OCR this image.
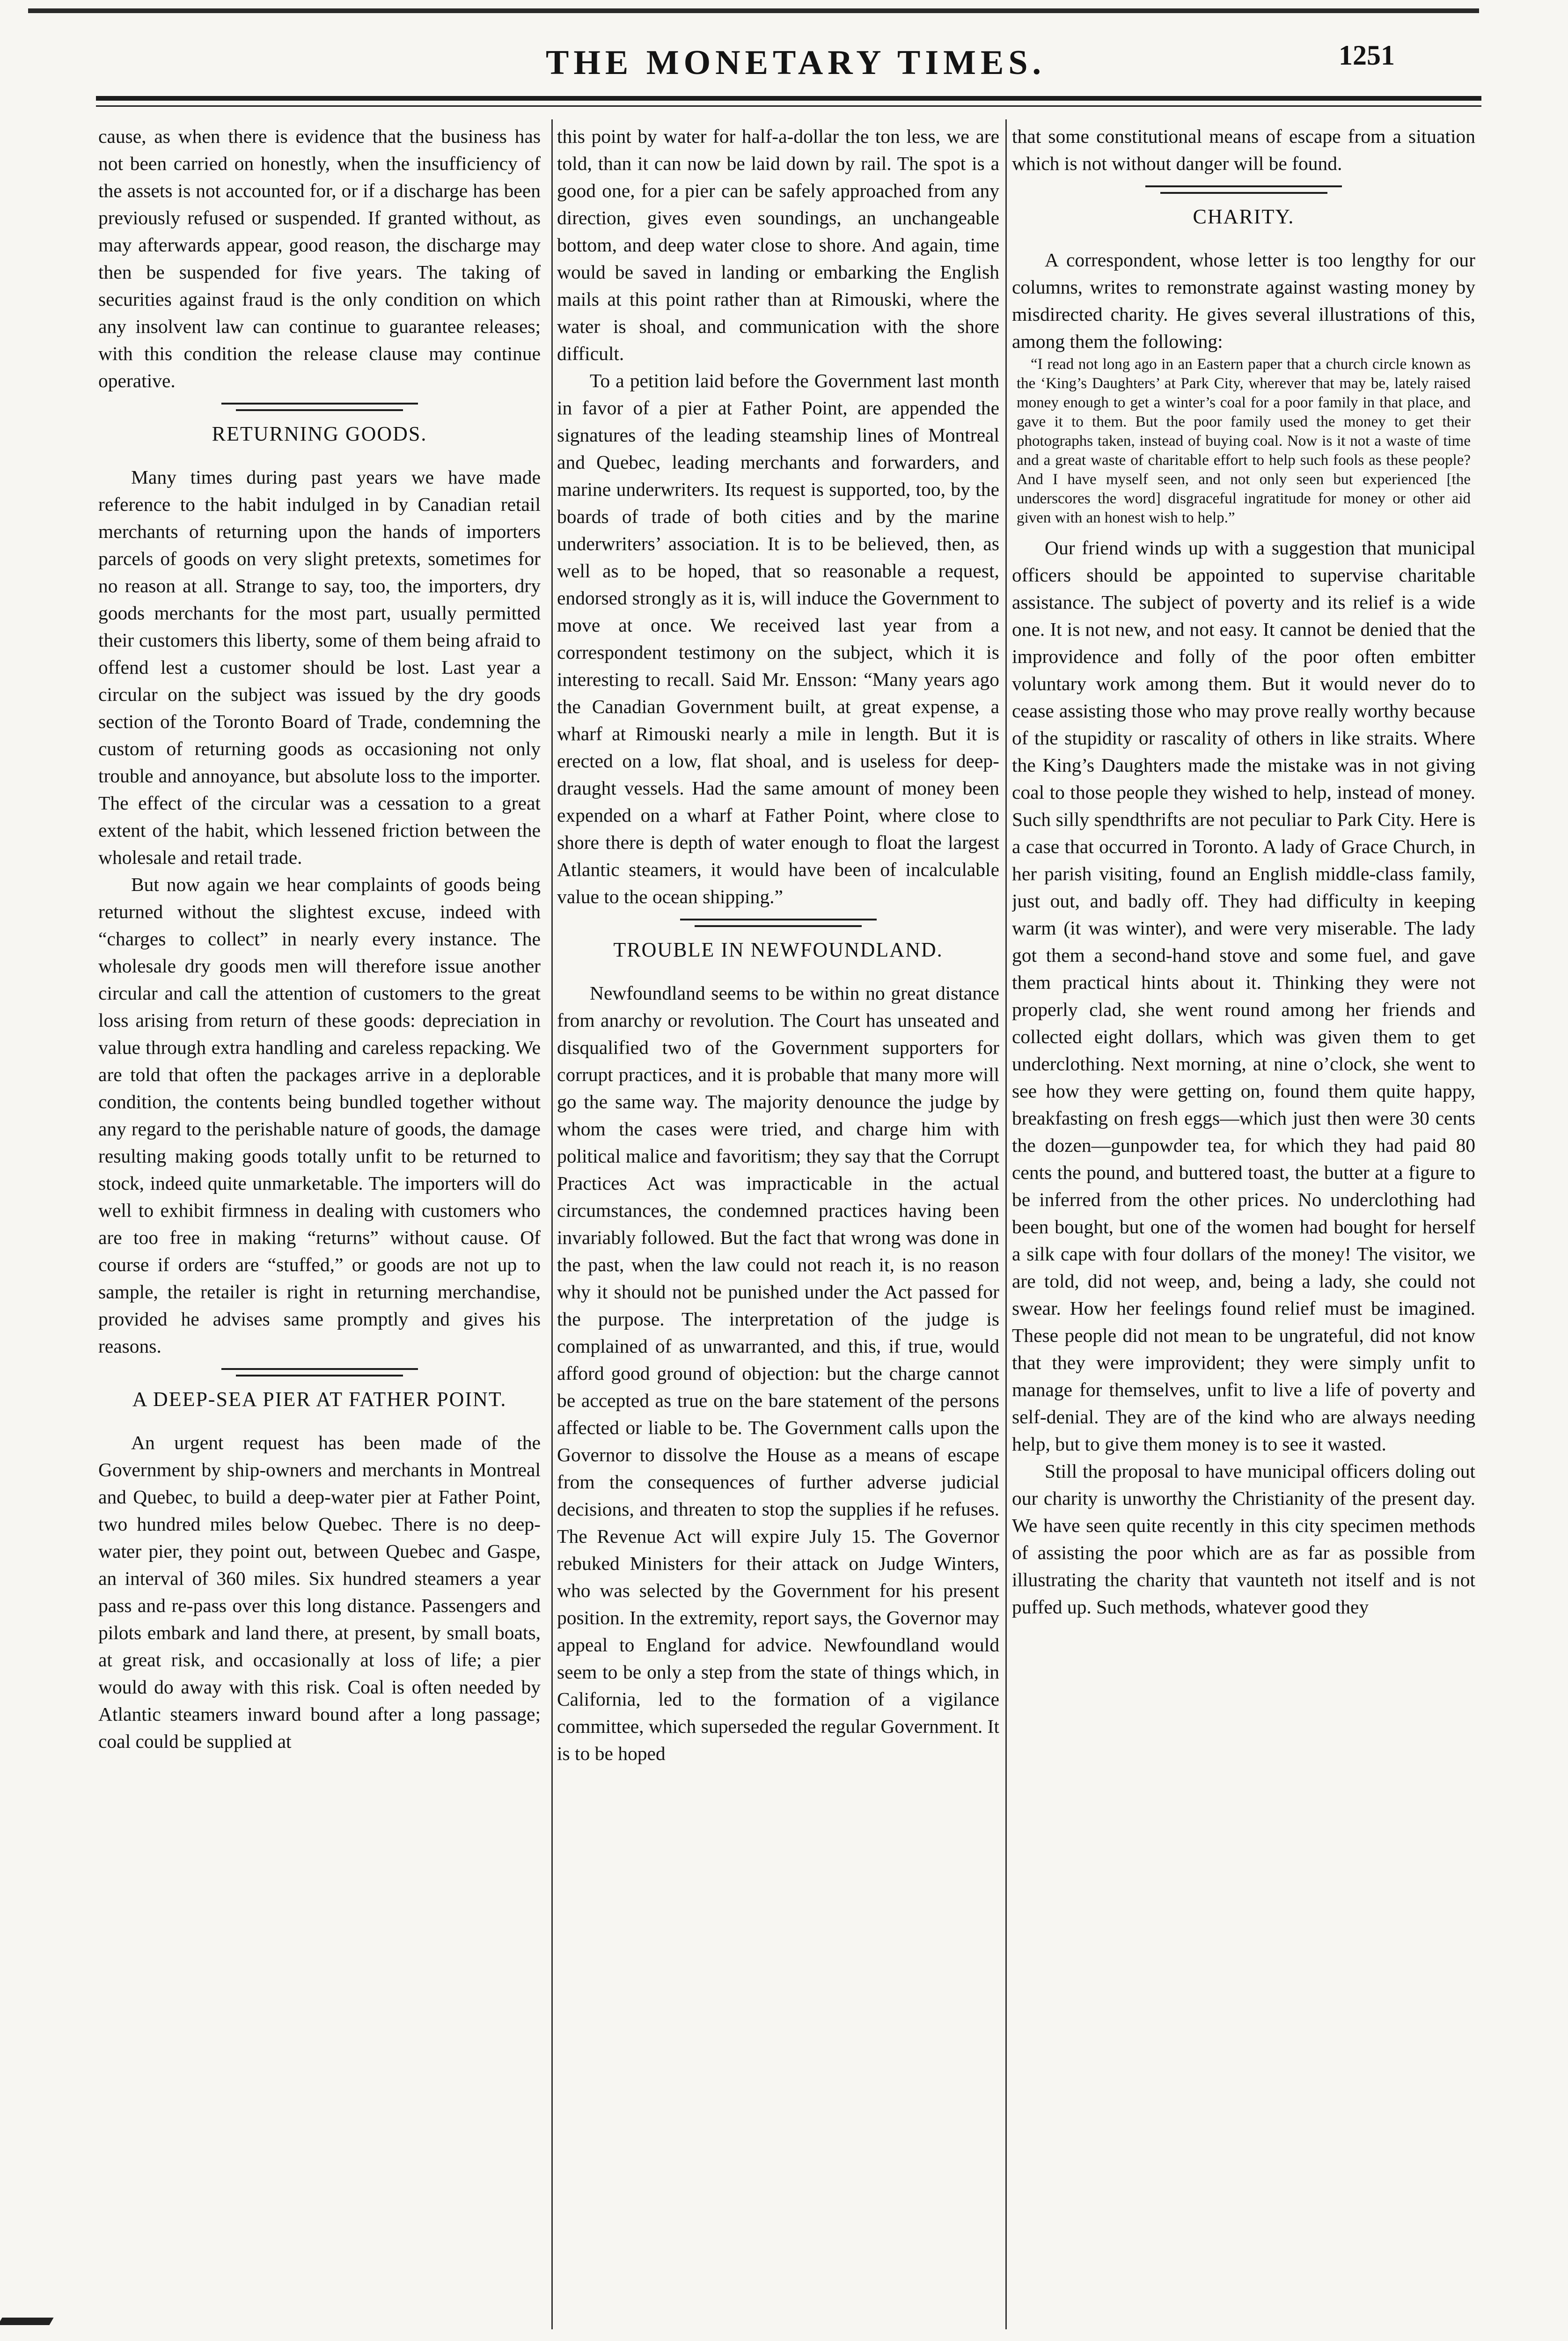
THE MONETARY TIMES.	1251

cause, as when there is evidence that the business has not been carried on honestly, when the insufficiency of the assets is not accounted for, or if a discharge has been previously refused or suspended. If granted without, as may afterwards appear, good reason, the discharge may then be suspended for five years. The taking of securities against fraud is the only condition on which any insolvent law can continue to guarantee releases; with this condition the release clause may continue operative.

RETURNING GOODS.

Many times during past years we have made reference to the habit indulged in by Canadian retail merchants of returning upon the hands of importers parcels of goods on very slight pretexts, sometimes for no reason at all. Strange to say, too, the importers, dry goods merchants for the most part, usually permitted their customers this liberty, some of them being afraid to offend lest a customer should be lost. Last year a circular on the subject was issued by the dry goods section of the Toronto Board of Trade, condemning the custom of returning goods as occasioning not only trouble and annoyance, but absolute loss to the importer. The effect of the circular was a cessation to a great extent of the habit, which lessened friction between the wholesale and retail trade.

But now again we hear complaints of goods being returned without the slightest excuse, indeed with “charges to collect” in nearly every instance. The wholesale dry goods men will therefore issue another circular and call the attention of customers to the great loss arising from return of these goods: depreciation in value through extra handling and careless repacking. We are told that often the packages arrive in a deplorable condition, the contents being bundled together without any regard to the perishable nature of goods, the damage resulting making goods totally unfit to be returned to stock, indeed quite unmarketable. The importers will do well to exhibit firmness in dealing with customers who are too free in making “returns” without cause. Of course if orders are “stuffed,” or goods are not up to sample, the retailer is right in returning merchandise, provided he advises same promptly and gives his reasons.

A DEEP-SEA PIER AT FATHER POINT.

An urgent request has been made of the Government by ship-owners and merchants in Montreal and Quebec, to build a deep-water pier at Father Point, two hundred miles below Quebec. There is no deep-water pier, they point out, between Quebec and Gaspe, an interval of 360 miles. Six hundred steamers a year pass and re-pass over this long distance. Passengers and pilots embark and land there, at present, by small boats, at great risk, and occasionally at loss of life; a pier would do away with this risk. Coal is often needed by Atlantic steamers inward bound after a long passage; coal could be supplied at

this point by water for half-a-dollar the ton less, we are told, than it can now be laid down by rail. The spot is a good one, for a pier can be safely approached from any direction, gives even soundings, an unchangeable bottom, and deep water close to shore. And again, time would be saved in landing or embarking the English mails at this point rather than at Rimouski, where the water is shoal, and communication with the shore difficult.

To a petition laid before the Government last month in favor of a pier at Father Point, are appended the signatures of the leading steamship lines of Montreal and Quebec, leading merchants and forwarders, and marine underwriters. Its request is supported, too, by the boards of trade of both cities and by the marine underwriters’ association. It is to be believed, then, as well as to be hoped, that so reasonable a request, endorsed strongly as it is, will induce the Government to move at once. We received last year from a correspondent testimony on the subject, which it is interesting to recall. Said Mr. Ensson: “Many years ago the Canadian Government built, at great expense, a wharf at Rimouski nearly a mile in length. But it is erected on a low, flat shoal, and is useless for deep-draught vessels. Had the same amount of money been expended on a wharf at Father Point, where close to shore there is depth of water enough to float the largest Atlantic steamers, it would have been of incalculable value to the ocean shipping.”

TROUBLE IN NEWFOUNDLAND.

Newfoundland seems to be within no great distance from anarchy or revolution. The Court has unseated and disqualified two of the Government supporters for corrupt practices, and it is probable that many more will go the same way. The majority denounce the judge by whom the cases were tried, and charge him with political malice and favoritism; they say that the Corrupt Practices Act was impracticable in the actual circumstances, the condemned practices having been invariably followed. But the fact that wrong was done in the past, when the law could not reach it, is no reason why it should not be punished under the Act passed for the purpose. The interpretation of the judge is complained of as unwarranted, and this, if true, would afford good ground of objection: but the charge cannot be accepted as true on the bare statement of the persons affected or liable to be. The Government calls upon the Governor to dissolve the House as a means of escape from the consequences of further adverse judicial decisions, and threaten to stop the supplies if he refuses. The Revenue Act will expire July 15. The Governor rebuked Ministers for their attack on Judge Winters, who was selected by the Government for his present position. In the extremity, report says, the Governor may appeal to England for advice. Newfoundland would seem to be only a step from the state of things which, in California, led to the formation of a vigilance committee, which superseded the regular Government. It is to be hoped

that some constitutional means of escape from a situation which is not without danger will be found.

CHARITY.

A correspondent, whose letter is too lengthy for our columns, writes to remonstrate against wasting money by misdirected charity. He gives several illustrations of this, among them the following:

“I read not long ago in an Eastern paper that a church circle known as the ‘King’s Daughters’ at Park City, wherever that may be, lately raised money enough to get a winter’s coal for a poor family in that place, and gave it to them. But the poor family used the money to get their photographs taken, instead of buying coal. Now is it not a waste of time and a great waste of charitable effort to help such fools as these people? And I have myself seen, and not only seen but experienced [the underscores the word] disgraceful ingratitude for money or other aid given with an honest wish to help.”

Our friend winds up with a suggestion that municipal officers should be appointed to supervise charitable assistance. The subject of poverty and its relief is a wide one. It is not new, and not easy. It cannot be denied that the improvidence and folly of the poor often embitter voluntary work among them. But it would never do to cease assisting those who may prove really worthy because of the stupidity or rascality of others in like straits. Where the King’s Daughters made the mistake was in not giving coal to those people they wished to help, instead of money. Such silly spendthrifts are not peculiar to Park City. Here is a case that occurred in Toronto. A lady of Grace Church, in her parish visiting, found an English middle-class family, just out, and badly off. They had difficulty in keeping warm (it was winter), and were very miserable. The lady got them a second-hand stove and some fuel, and gave them practical hints about it. Thinking they were not properly clad, she went round among her friends and collected eight dollars, which was given them to get underclothing. Next morning, at nine o’clock, she went to see how they were getting on, found them quite happy, breakfasting on fresh eggs—which just then were 30 cents the dozen—gunpowder tea, for which they had paid 80 cents the pound, and buttered toast, the butter at a figure to be inferred from the other prices. No underclothing had been bought, but one of the women had bought for herself a silk cape with four dollars of the money! The visitor, we are told, did not weep, and, being a lady, she could not swear. How her feelings found relief must be imagined. These people did not mean to be ungrateful, did not know that they were improvident; they were simply unfit to manage for themselves, unfit to live a life of poverty and self-denial. They are of the kind who are always needing help, but to give them money is to see it wasted.

Still the proposal to have municipal officers doling out our charity is unworthy the Christianity of the present day. We have seen quite recently in this city specimen methods of assisting the poor which are as far as possible from illustrating the charity that vaunteth not itself and is not puffed up. Such methods, whatever good they
